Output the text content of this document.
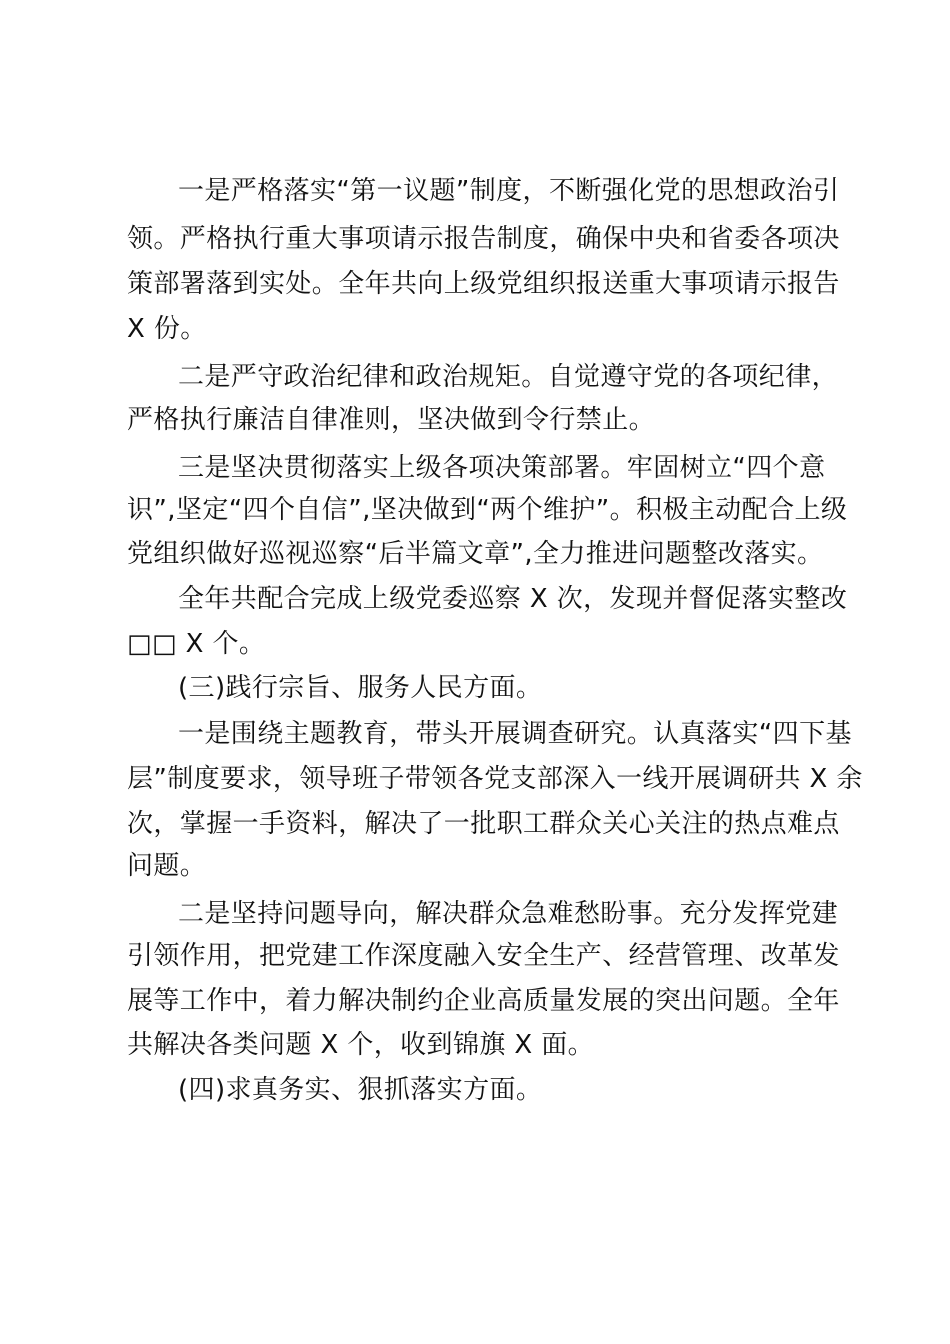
一是严格落实“第一议题”制度，不断强化党的思想政治引
领。严格执行重大事项请示报告制度，确保中央和省委各项决
策部署落到实处。全年共向上级党组织报送重大事项请示报告
X 份。
二是严守政治纪律和政治规矩。自觉遵守党的各项纪律，
严格执行廉洁自律准则，坚决做到令行禁止。
三是坚决贯彻落实上级各项决策部署。牢固树立“四个意
识”,坚定“四个自信”,坚决做到“两个维护”。积极主动配合上级
党组织做好巡视巡察“后半篇文章”,全力推进问题整改落实。
全年共配合完成上级党委巡察 X 次，发现并督促落实整改
□□ X 个。
(三)践行宗旨、服务人民方面。
一是围绕主题教育，带头开展调查研究。认真落实“四下基
层”制度要求，领导班子带领各党支部深入一线开展调研共 X 余
次，掌握一手资料，解决了一批职工群众关心关注的热点难点
问题。
二是坚持问题导向，解决群众急难愁盼事。充分发挥党建
引领作用，把党建工作深度融入安全生产、经营管理、改革发
展等工作中，着力解决制约企业高质量发展的突出问题。全年
共解决各类问题 X 个，收到锦旗 X 面。
(四)求真务实、狠抓落实方面。
